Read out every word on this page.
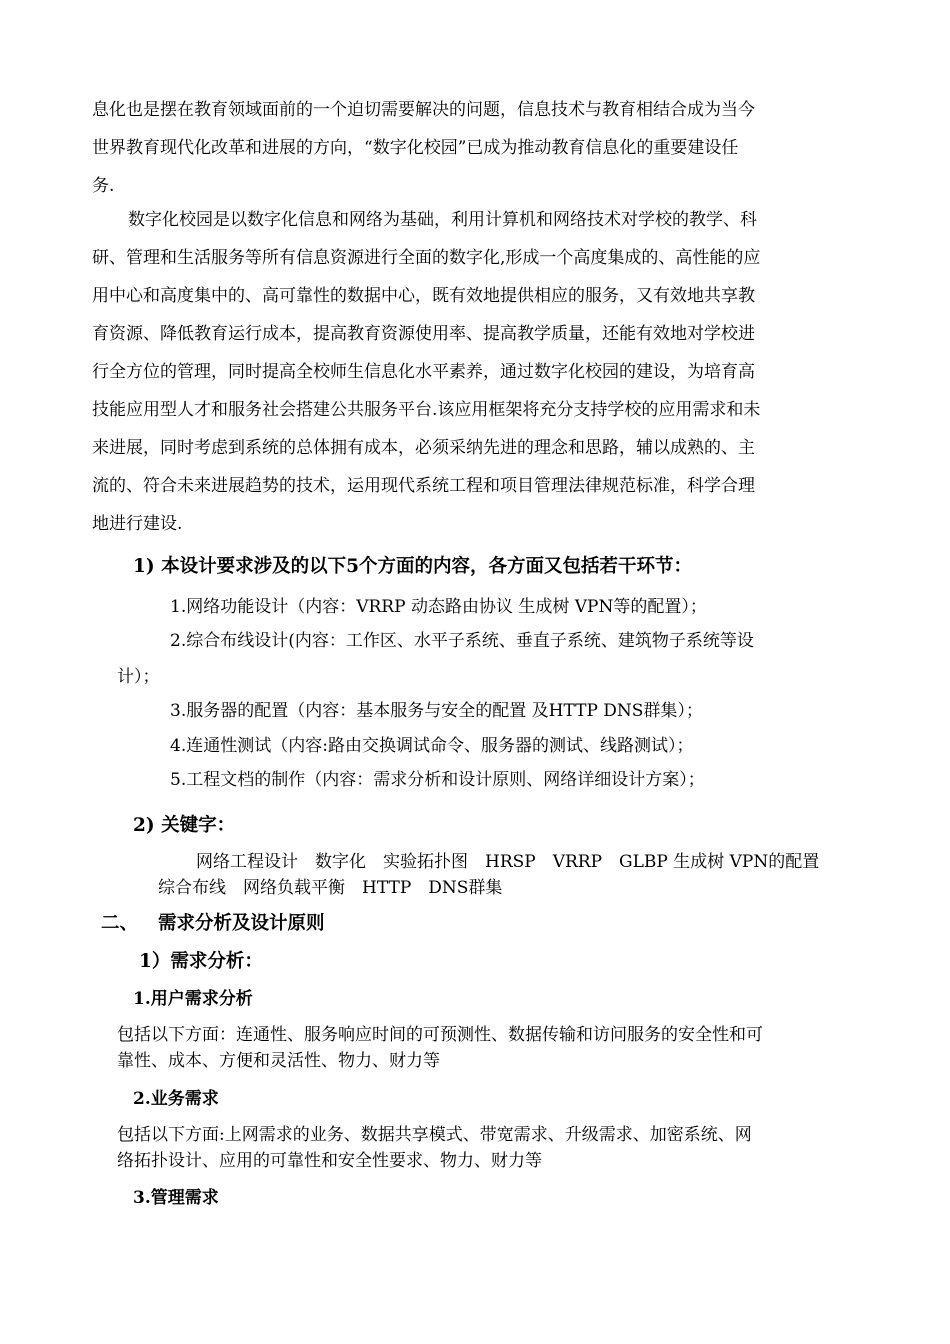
息化也是摆在教育领域面前的一个迫切需要解决的问题，信息技术与教育相结合成为当今
世界教育现代化改革和进展的方向，“数字化校园”已成为推动教育信息化的重要建设任
务.
数字化校园是以数字化信息和网络为基础，利用计算机和网络技术对学校的教学、科
研、管理和生活服务等所有信息资源进行全面的数字化,形成一个高度集成的、高性能的应
用中心和高度集中的、高可靠性的数据中心，既有效地提供相应的服务，又有效地共享教
育资源、降低教育运行成本，提高教育资源使用率、提高教学质量，还能有效地对学校进
行全方位的管理，同时提高全校师生信息化水平素养，通过数字化校园的建设，为培育高
技能应用型人才和服务社会搭建公共服务平台.该应用框架将充分支持学校的应用需求和未
来进展，同时考虑到系统的总体拥有成本，必须采纳先进的理念和思路，辅以成熟的、主
流的、符合未来进展趋势的技术，运用现代系统工程和项目管理法律规范标准，科学合理
地进行建设.
1) 本设计要求涉及的以下5个方面的内容，各方面又包括若干环节：
1.网络功能设计（内容：VRRP 动态路由协议 生成树 VPN等的配置）；
2.综合布线设计(内容：工作区、水平子系统、垂直子系统、建筑物子系统等设
计）；
3.服务器的配置（内容：基本服务与安全的配置 及HTTP DNS群集）；
4.连通性测试（内容:路由交换调试命令、服务器的测试、线路测试）；
5.工程文档的制作（内容：需求分析和设计原则、网络详细设计方案）；
2) 关键字：
网络工程设计　数字化　实验拓扑图　HRSP　VRRP　GLBP 生成树 VPN的配置
综合布线　网络负载平衡　HTTP　DNS群集
二、 需求分析及设计原则
1）需求分析：
1.用户需求分析
包括以下方面：连通性、服务响应时间的可预测性、数据传输和访问服务的安全性和可
靠性、成本、方便和灵活性、物力、财力等
2.业务需求
包括以下方面:上网需求的业务、数据共享模式、带宽需求、升级需求、加密系统、网
络拓扑设计、应用的可靠性和安全性要求、物力、财力等
3.管理需求
